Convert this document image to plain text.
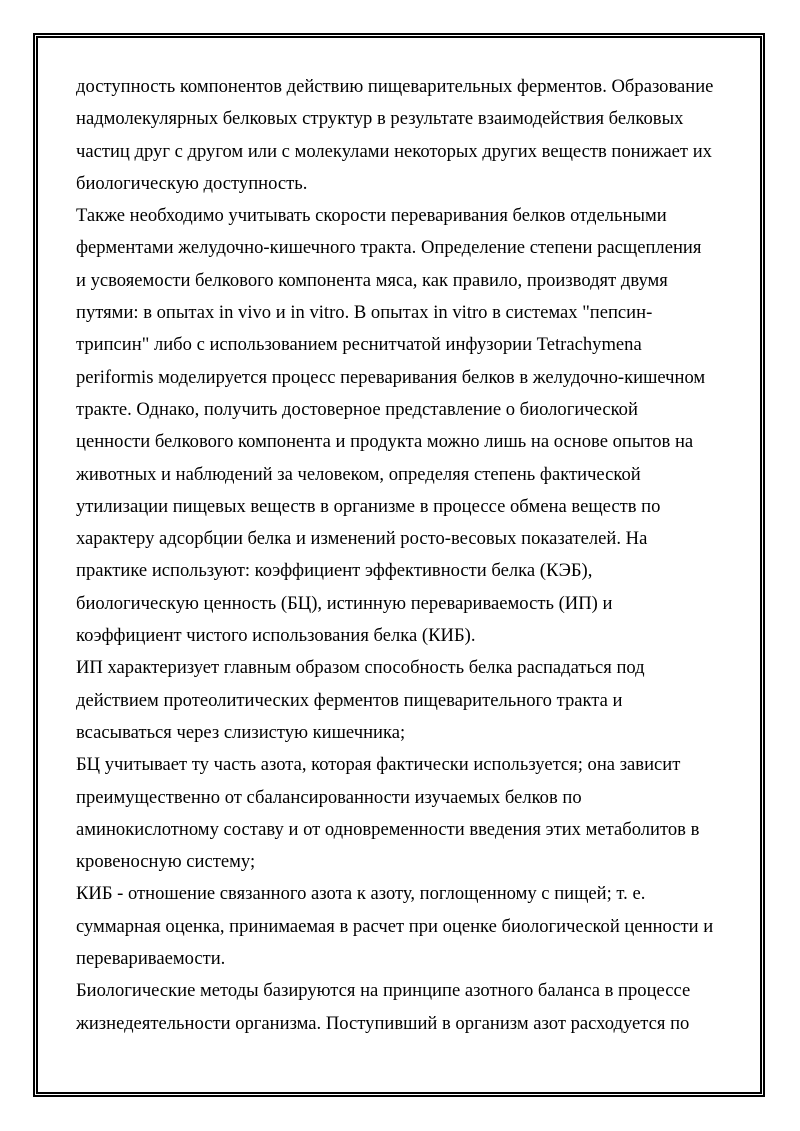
доступность компонентов действию пищеварительных ферментов. Образование
надмолекулярных белковых структур в результате взаимодействия белковых
частиц друг с другом или с молекулами некоторых других веществ понижает их
биологическую доступность.
Также необходимо учитывать скорости переваривания белков отдельными
ферментами желудочно-кишечного тракта. Определение степени расщепления
и усвояемости белкового компонента мяса, как правило, производят двумя
путями: в опытах in vivo и in vitro. В опытах in vitro в системах "пепсин-
трипсин" либо с использованием реснитчатой инфузории Tetrachymena
periformis моделируется процесс переваривания белков в желудочно-кишечном
тракте. Однако, получить достоверное представление о биологической
ценности белкового компонента и продукта можно лишь на основе опытов на
животных и наблюдений за человеком, определяя степень фактической
утилизации пищевых веществ в организме в процессе обмена веществ по
характеру адсорбции белка и изменений росто-весовых показателей. На
практике используют: коэффициент эффективности белка (КЭБ),
биологическую ценность (БЦ), истинную перевариваемость (ИП) и
коэффициент чистого использования белка (КИБ).
ИП характеризует главным образом способность белка распадаться под
действием протеолитических ферментов пищеварительного тракта и
всасываться через слизистую кишечника;
БЦ учитывает ту часть азота, которая фактически используется; она зависит
преимущественно от сбалансированности изучаемых белков по
аминокислотному составу и от одновременности введения этих метаболитов в
кровеносную систему;
КИБ - отношение связанного азота к азоту, поглощенному с пищей; т. е.
суммарная оценка, принимаемая в расчет при оценке биологической ценности и
перевариваемости.
Биологические методы базируются на принципе азотного баланса в процессе
жизнедеятельности организма. Поступивший в организм азот расходуется по
